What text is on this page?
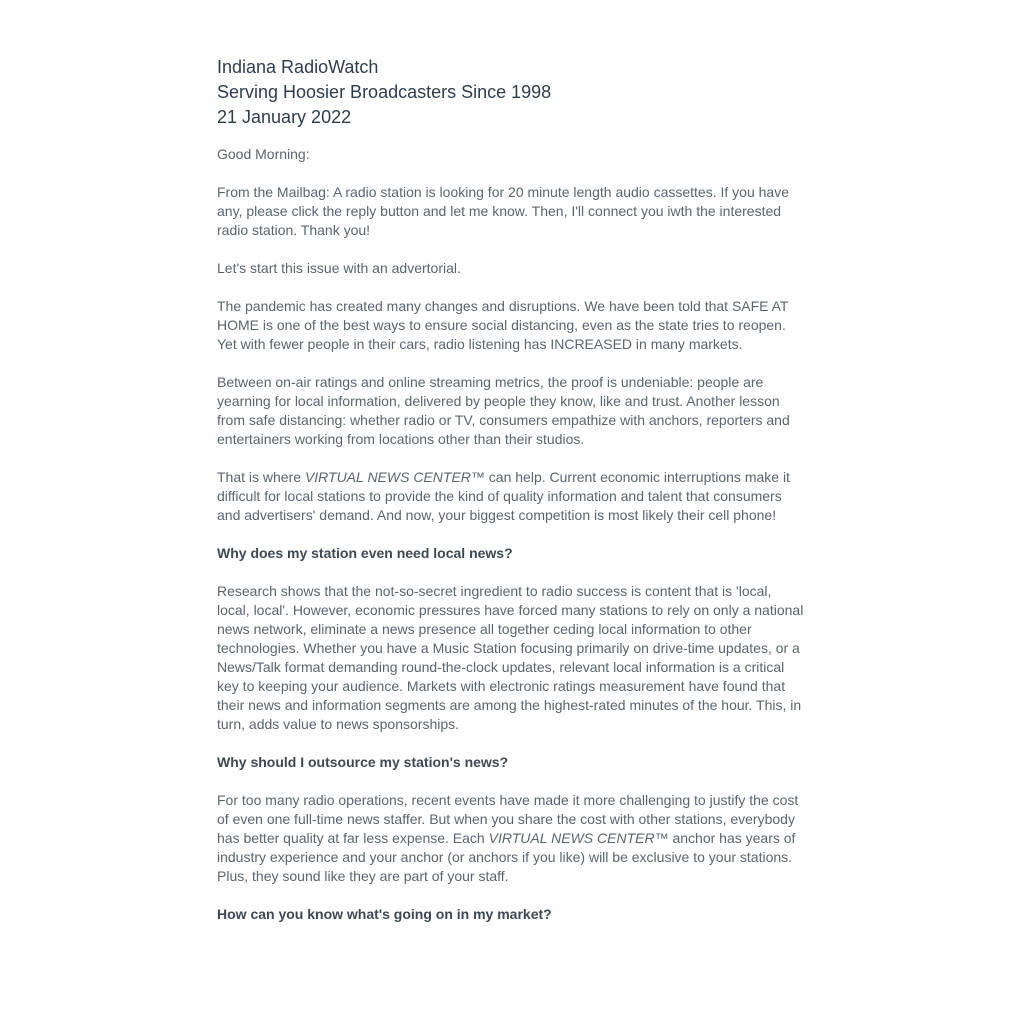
Indiana RadioWatch
Serving Hoosier Broadcasters Since 1998
21 January 2022

Good Morning:

From the Mailbag: A radio station is looking for 20 minute length audio cassettes. If you have any, please click the reply button and let me know. Then, I'll connect you iwth the interested radio station. Thank you!

Let's start this issue with an advertorial.

The pandemic has created many changes and disruptions. We have been told that SAFE AT HOME is one of the best ways to ensure social distancing, even as the state tries to reopen. Yet with fewer people in their cars, radio listening has INCREASED in many markets.

Between on-air ratings and online streaming metrics, the proof is undeniable: people are yearning for local information, delivered by people they know, like and trust. Another lesson from safe distancing: whether radio or TV, consumers empathize with anchors, reporters and entertainers working from locations other than their studios.

That is where VIRTUAL NEWS CENTER™ can help. Current economic interruptions make it difficult for local stations to provide the kind of quality information and talent that consumers and advertisers' demand. And now, your biggest competition is most likely their cell phone!

Why does my station even need local news?

Research shows that the not-so-secret ingredient to radio success is content that is 'local, local, local'. However, economic pressures have forced many stations to rely on only a national news network, eliminate a news presence all together ceding local information to other technologies. Whether you have a Music Station focusing primarily on drive-time updates, or a News/Talk format demanding round-the-clock updates, relevant local information is a critical key to keeping your audience. Markets with electronic ratings measurement have found that their news and information segments are among the highest-rated minutes of the hour. This, in turn, adds value to news sponsorships.

Why should I outsource my station's news?

For too many radio operations, recent events have made it more challenging to justify the cost of even one full-time news staffer. But when you share the cost with other stations, everybody has better quality at far less expense. Each VIRTUAL NEWS CENTER™ anchor has years of industry experience and your anchor (or anchors if you like) will be exclusive to your stations. Plus, they sound like they are part of your staff.

How can you know what's going on in my market?
